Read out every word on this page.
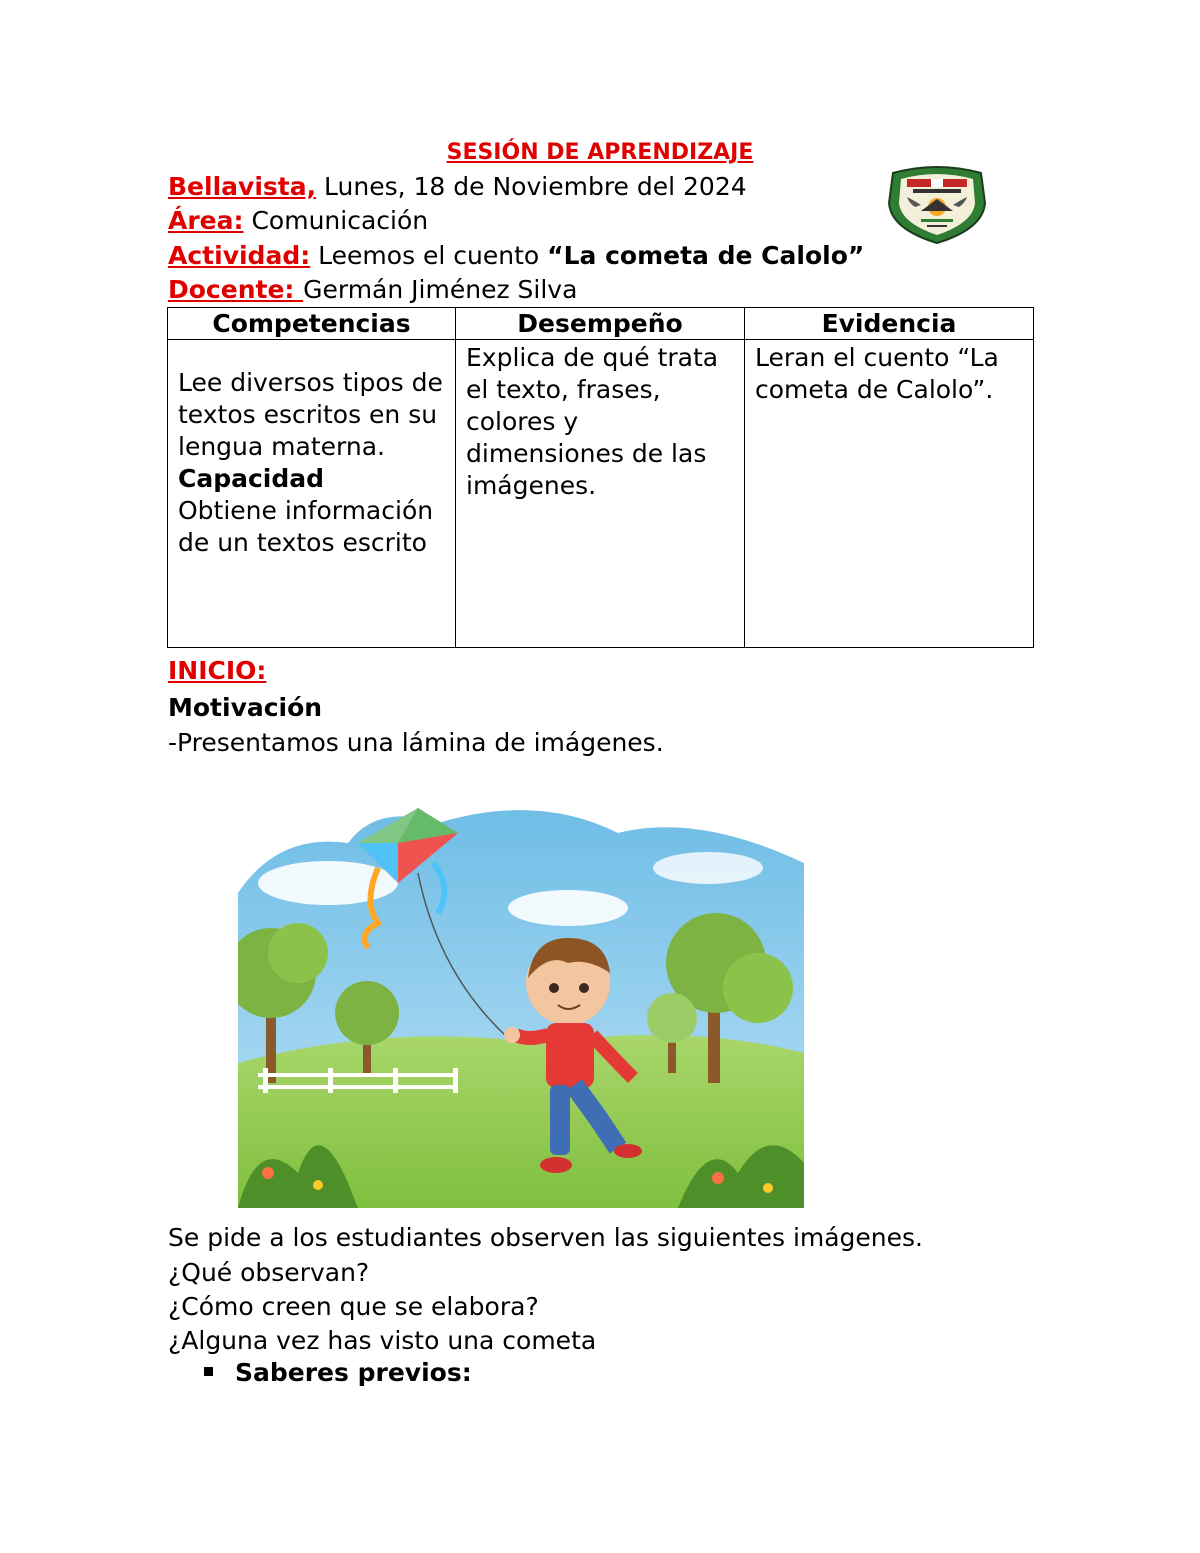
SESIÓN DE APRENDIZAJE
Bellavista, Lunes, 18 de Noviembre del 2024
Área: Comunicación
Actividad: Leemos el cuento “La cometa de Calolo”
Docente: Germán Jiménez Silva
Competencias	Desempeño	Evidencia
Lee diversos tipos de textos escritos en su lengua materna.
Capacidad
Obtiene información de un textos escrito	Explica de qué trata el texto, frases, colores y dimensiones de las imágenes.	Leran el cuento “La cometa de Calolo”.
INICIO:
Motivación
-Presentamos una lámina de imágenes.
Se pide a los estudiantes observen las siguientes imágenes.
¿Qué observan?
¿Cómo creen que se elabora?
¿Alguna vez has visto una cometa
Saberes previos:
